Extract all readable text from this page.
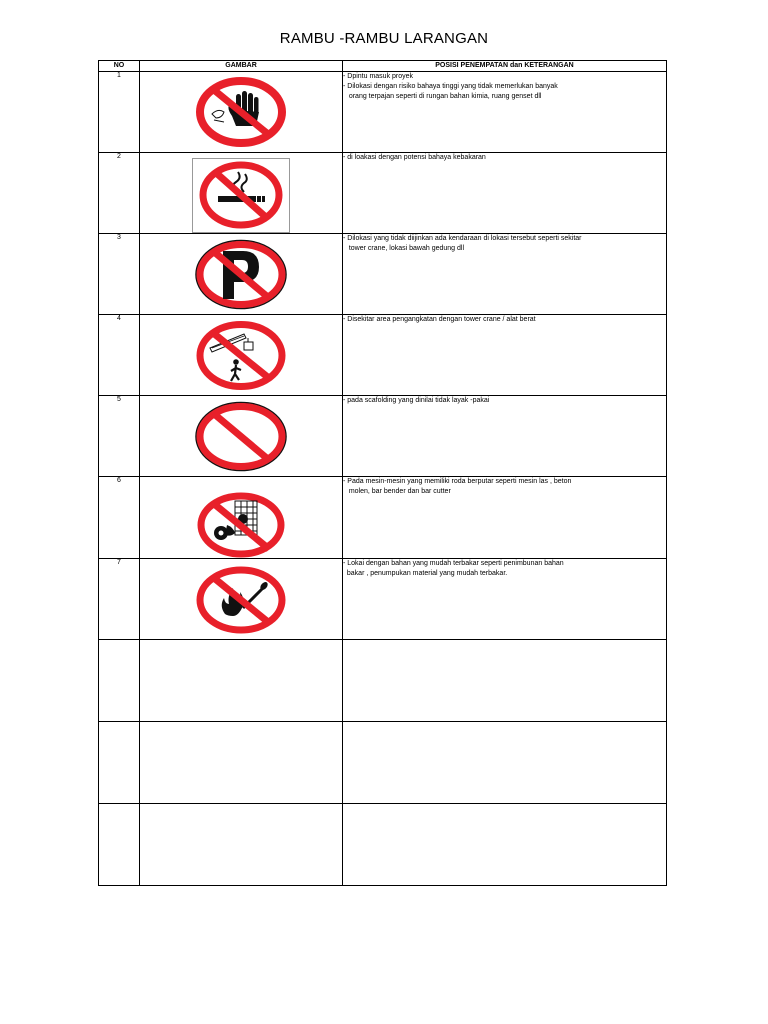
RAMBU -RAMBU LARANGAN
NO	GAMBAR	POSISI PENEMPATAN dan KETERANGAN
1		- Dpintu masuk proyek
- Dilokasi dengan risiko bahaya tinggi yang tidak memerlukan banyak
orang terpajan seperti di rungan bahan kimia, ruang genset dll

2		- di loakasi dengan potensi bahaya kebakaran

3		- Dilokasi yang tidak diijinkan ada kendaraan di lokasi tersebut seperti sekitar
tower crane, lokasi bawah gedung dll

4		- Disekitar area pengangkatan dengan tower crane / alat berat

5		- pada scafolding yang dinilai tidak layak -pakai

6		- Pada mesin-mesin yang memiliki roda berputar seperti mesin las , beton
molen, bar bender dan bar cutter

7		- Lokai dengan bahan yang mudah terbakar seperti penimbunan bahan
bakar , penumpukan material yang mudah terbakar.
